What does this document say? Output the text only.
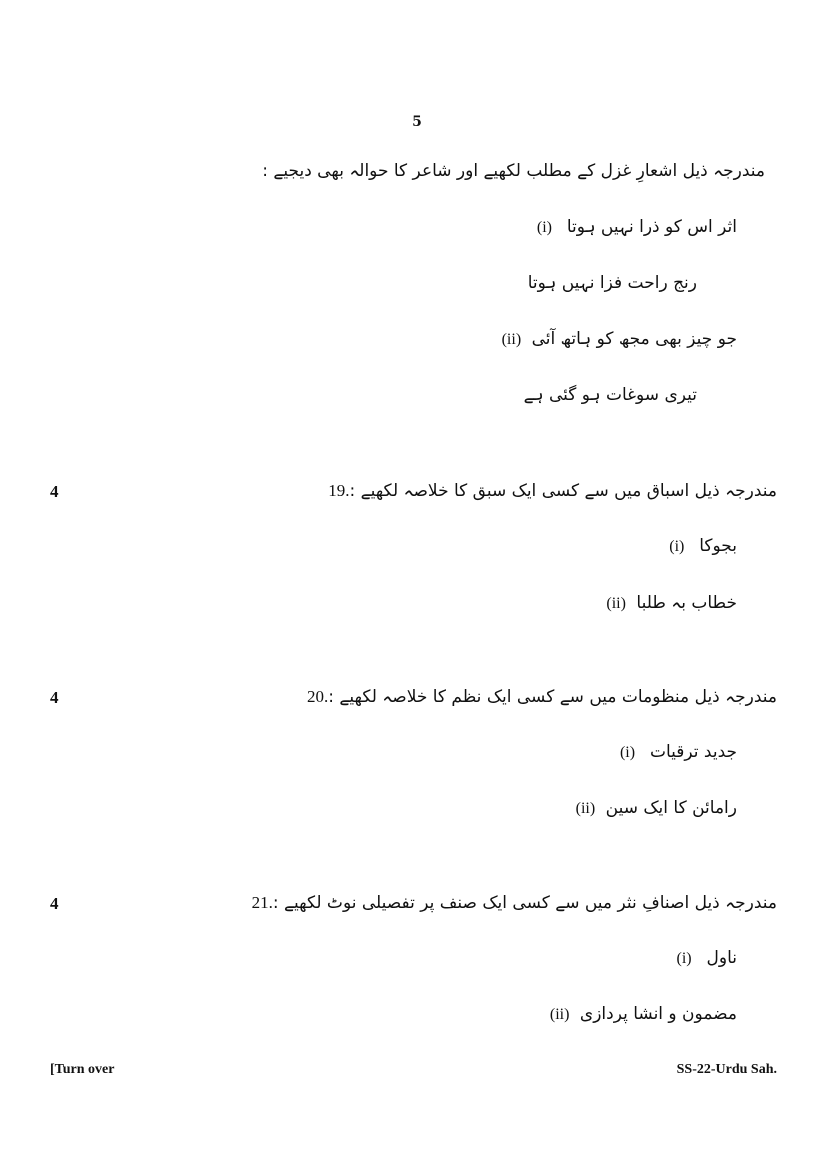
5
مندرجہ ذیل اشعارِ غزل کے مطلب لکھیے اور شاعر کا حوالہ بھی دیجیے :
(i) اثر اس کو ذرا نہیں ہوتا
رنج راحت فزا نہیں ہوتا
(ii) جو چیز بھی مجھ کو ہاتھ آئی
تیری سوغات ہو گئی ہے
19. مندرجہ ذیل اسباق میں سے کسی ایک سبق کا خلاصہ لکھیے :
4
(i) بجوکا
(ii) خطاب بہ طلبا
20. مندرجہ ذیل منظومات میں سے کسی ایک نظم کا خلاصہ لکھیے :
4
(i) جدید ترقیات
(ii) رامائن کا ایک سین
21. مندرجہ ذیل اصنافِ نثر میں سے کسی ایک صنف پر تفصیلی نوٹ لکھیے :
4
(i) ناول
(ii) مضمون و انشا پردازی
[Turn over	SS-22-Urdu Sah.
